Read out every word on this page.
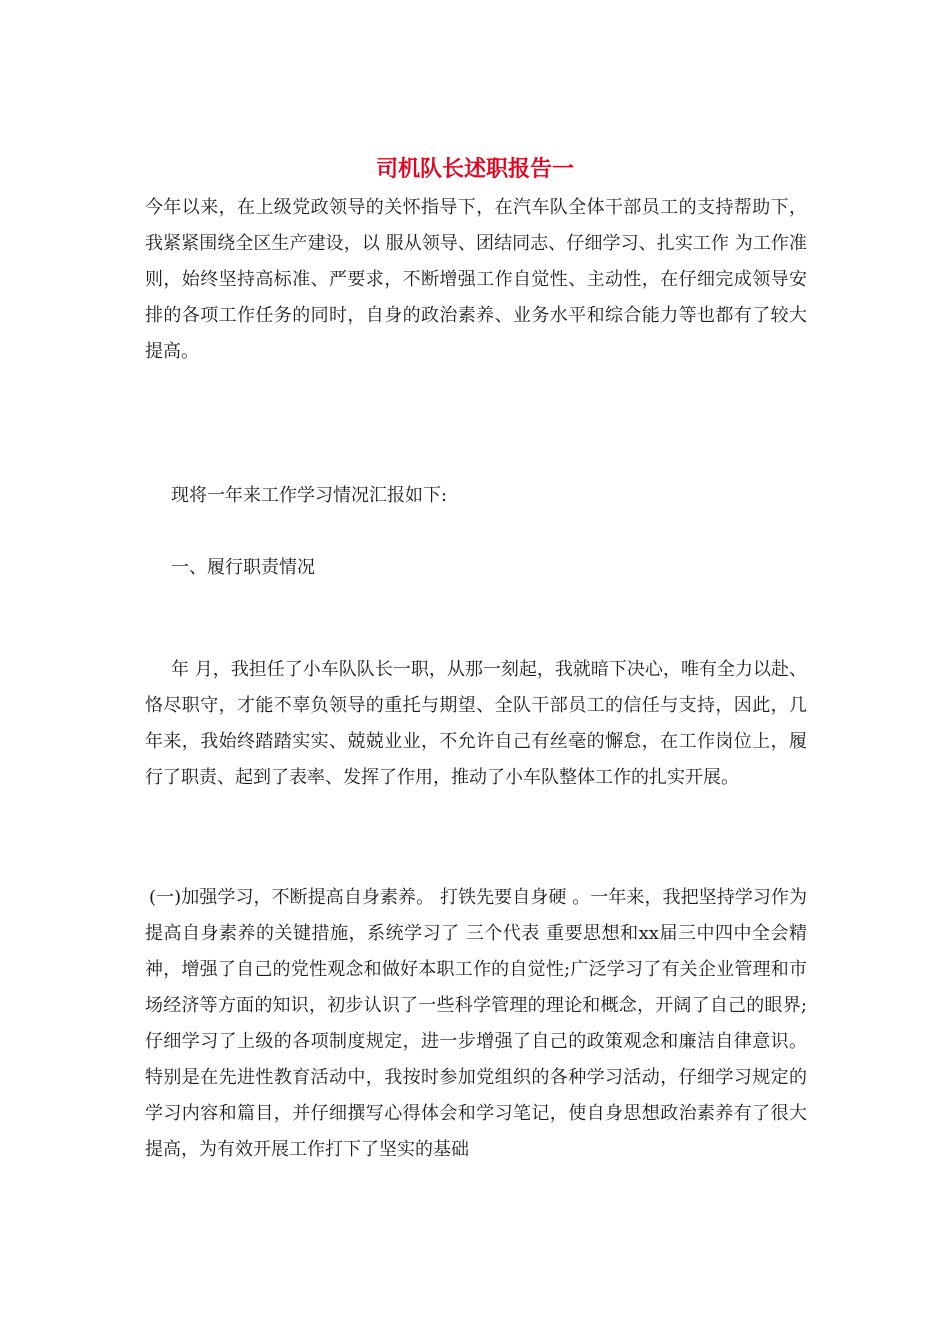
司机队长述职报告一

今年以来，在上级党政领导的关怀指导下，在汽车队全体干部员工的支持帮助下，我紧紧围绕全区生产建设，以 服从领导、团结同志、仔细学习、扎实工作 为工作准则，始终坚持高标准、严要求，不断增强工作自觉性、主动性，在仔细完成领导安排的各项工作任务的同时，自身的政治素养、业务水平和综合能力等也都有了较大提高。

现将一年来工作学习情况汇报如下:

一、履行职责情况

年 月，我担任了小车队队长一职，从那一刻起，我就暗下决心，唯有全力以赴、恪尽职守，才能不辜负领导的重托与期望、全队干部员工的信任与支持，因此，几年来，我始终踏踏实实、兢兢业业，不允许自己有丝毫的懈怠，在工作岗位上，履行了职责、起到了表率、发挥了作用，推动了小车队整体工作的扎实开展。

(一)加强学习，不断提高自身素养。 打铁先要自身硬 。一年来，我把坚持学习作为提高自身素养的关键措施，系统学习了 三个代表 重要思想和xx届三中四中全会精神，增强了自己的党性观念和做好本职工作的自觉性;广泛学习了有关企业管理和市场经济等方面的知识，初步认识了一些科学管理的理论和概念，开阔了自己的眼界;仔细学习了上级的各项制度规定，进一步增强了自己的政策观念和廉洁自律意识。特别是在先进性教育活动中，我按时参加党组织的各种学习活动，仔细学习规定的学习内容和篇目，并仔细撰写心得体会和学习笔记，使自身思想政治素养有了很大提高，为有效开展工作打下了坚实的基础
